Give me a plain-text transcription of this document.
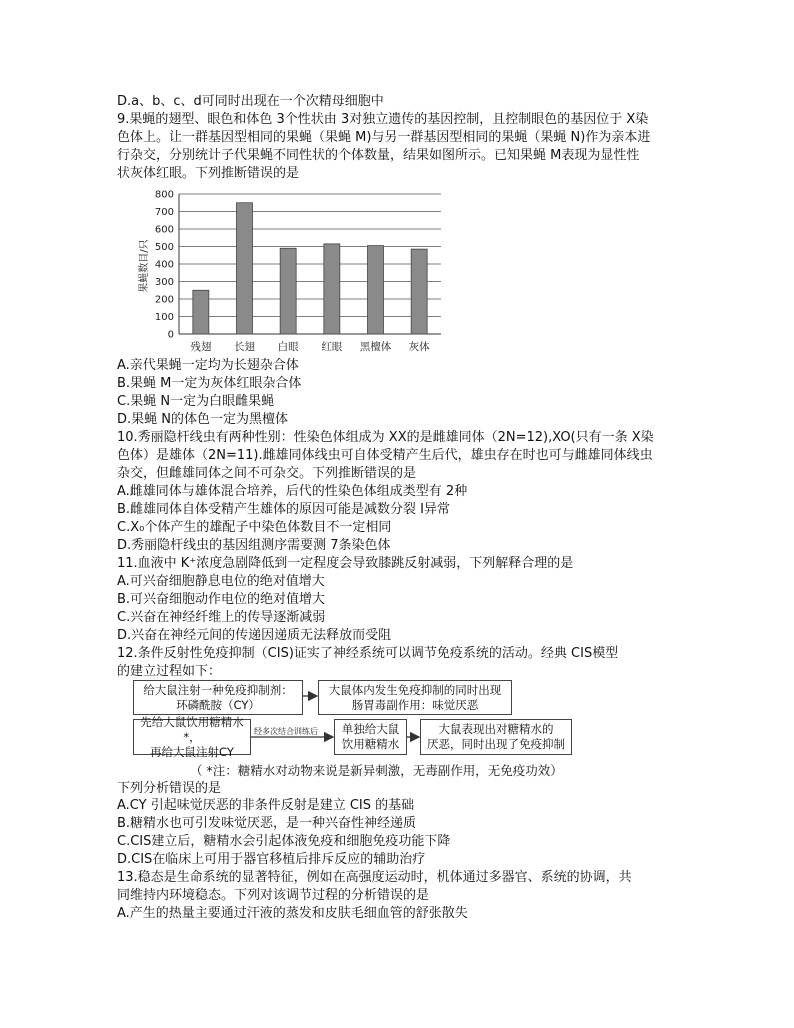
D.a、b、c、d可同时出现在一个次精母细胞中
9.果蝇的翅型、眼色和体色 3个性状由 3对独立遗传的基因控制，且控制眼色的基因位于 X染
色体上。让一群基因型相同的果蝇（果蝇 M)与另一群基因型相同的果蝇（果蝇 N)作为亲本进
行杂交，分别统计子代果蝇不同性状的个体数量，结果如图所示。已知果蝇 M表现为显性性
状灰体红眼。下列推断错误的是
0
100
200
300
400
500
600
700
800
残翅 长翅 白眼 红眼 黑檀体 灰体
果蝇数目/只
A.亲代果蝇一定均为长翅杂合体
B.果蝇 M一定为灰体红眼杂合体
C.果蝇 N一定为白眼雌果蝇
D.果蝇 N的体色一定为黑檀体
10.秀丽隐杆线虫有两种性别：性染色体组成为 XX的是雌雄同体（2N=12),XO(只有一条 X染
色体）是雄体（2N=11).雌雄同体线虫可自体受精产生后代，雄虫存在时也可与雌雄同体线虫
杂交，但雌雄同体之间不可杂交。下列推断错误的是
A.雌雄同体与雄体混合培养，后代的性染色体组成类型有 2种
B.雌雄同体自体受精产生雄体的原因可能是减数分裂 I异常
C.X₀个体产生的雄配子中染色体数目不一定相同
D.秀丽隐杆线虫的基因组测序需要测 7条染色体
11.血液中 K⁺浓度急剧降低到一定程度会导致膝跳反射减弱，下列解释合理的是
A.可兴奋细胞静息电位的绝对值增大
B.可兴奋细胞动作电位的绝对值增大
C.兴奋在神经纤维上的传导逐渐减弱
D.兴奋在神经元间的传递因递质无法释放而受阻
12.条件反射性免疫抑制（CIS)证实了神经系统可以调节免疫系统的活动。经典 CIS模型
的建立过程如下：
给大鼠注射一种免疫抑制剂：
环磷酰胺（CY）
大鼠体内发生免疫抑制的同时出现
肠胃毒副作用：味觉厌恶
先给大鼠饮用糖精水*，
再给大鼠注射CY
经多次结合训练后 单独给大鼠
饮用糖精水
大鼠表现出对糖精水的
厌恶，同时出现了免疫抑制
（ *注：糖精水对动物来说是新异刺激，无毒副作用，无免疫功效）
下列分析错误的是
A.CY 引起味觉厌恶的非条件反射是建立 CIS 的基础
B.糖精水也可引发味觉厌恶，是一种兴奋性神经递质
C.CIS建立后，糖精水会引起体液免疫和细胞免疫功能下降
D.CIS在临床上可用于器官移植后排斥反应的辅助治疗
13.稳态是生命系统的显著特征，例如在高强度运动时，机体通过多器官、系统的协调，共
同维持内环境稳态。下列对该调节过程的分析错误的是
A.产生的热量主要通过汗液的蒸发和皮肤毛细血管的舒张散失
